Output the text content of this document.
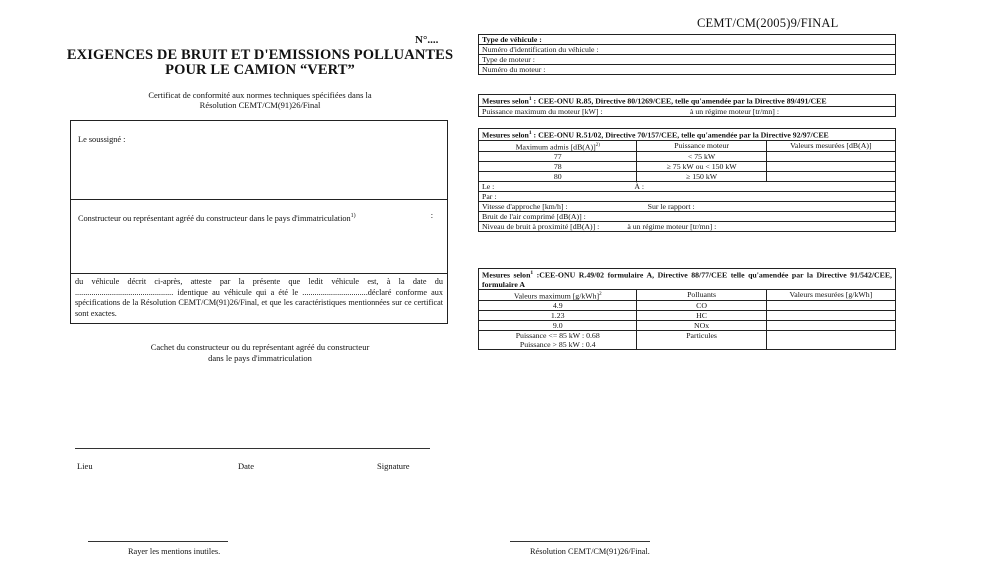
N°....
EXIGENCES DE BRUIT ET D'EMISSIONS POLLUANTES
POUR LE CAMION “VERT”
Certificat de conformité aux normes techniques spécifiées dans la
Résolution CEMT/CM(91)26/Final
Le soussigné :
Constructeur ou représentant agréé du constructeur dans le pays d'immatriculation$^{1)}$	:
du véhicule décrit ci-après, atteste par la présente que ledit véhicule est, à la date du ................................................ identique au véhicule qui a été le ................................déclaré conforme aux spécifications de la Résolution CEMT/CM(91)26/Final, et que les caractéristiques mentionnées sur ce certificat sont exactes.
Cachet du constructeur ou du représentant agréé du constructeur
dans le pays d'immatriculation
Lieu	Date	Signature
Rayer les mentions inutiles.
CEMT/CM(2005)9/FINAL
Type de véhicule :
Numéro d'identification du véhicule :
Type de moteur :
Numéro du moteur :
Mesures selon$^1$ : CEE-ONU R.85, Directive 80/1269/CEE, telle qu'amendée par la Directive 89/491/CEE
Puissance maximum du moteur [kW] :	à un régime moteur [tr/mn] :
Mesures selon$^1$ : CEE-ONU R.51/02, Directive 70/157/CEE, telle qu'amendée par la Directive 92/97/CEE		
Maximum admis $[dB(A)]^{2)}$	Puissance moteur	Valeurs mesurées [dB(A)]
77	< 75 kW	
78	≥ 75 kW ou < 150 kW	
80	≥ 150 kW	
Le : À :		
Par :		
Vitesse d'approche [km/h] : Sur le rapport :		
Bruit de l'air comprimé [dB(A)] :		
Niveau de bruit à proximité [dB(A)] : à un régime moteur [tr/mn] :		
Mesures selon$^1$ :CEE-ONU R.49/02 formulaire A, Directive 88/77/CEE telle qu'amendée par la Directive 91/542/CEE, formulaire A		
Valeurs maximum $[g/kWh]^2$	Polluants	Valeurs mesurées [g/kWh]
4.9	CO	
1.23	HC	
9.0	NOx	

Puissance <= 85 kW : 0.68
Puissance > 85 kW : 0.4	Particules	
Résolution CEMT/CM(91)26/Final.
